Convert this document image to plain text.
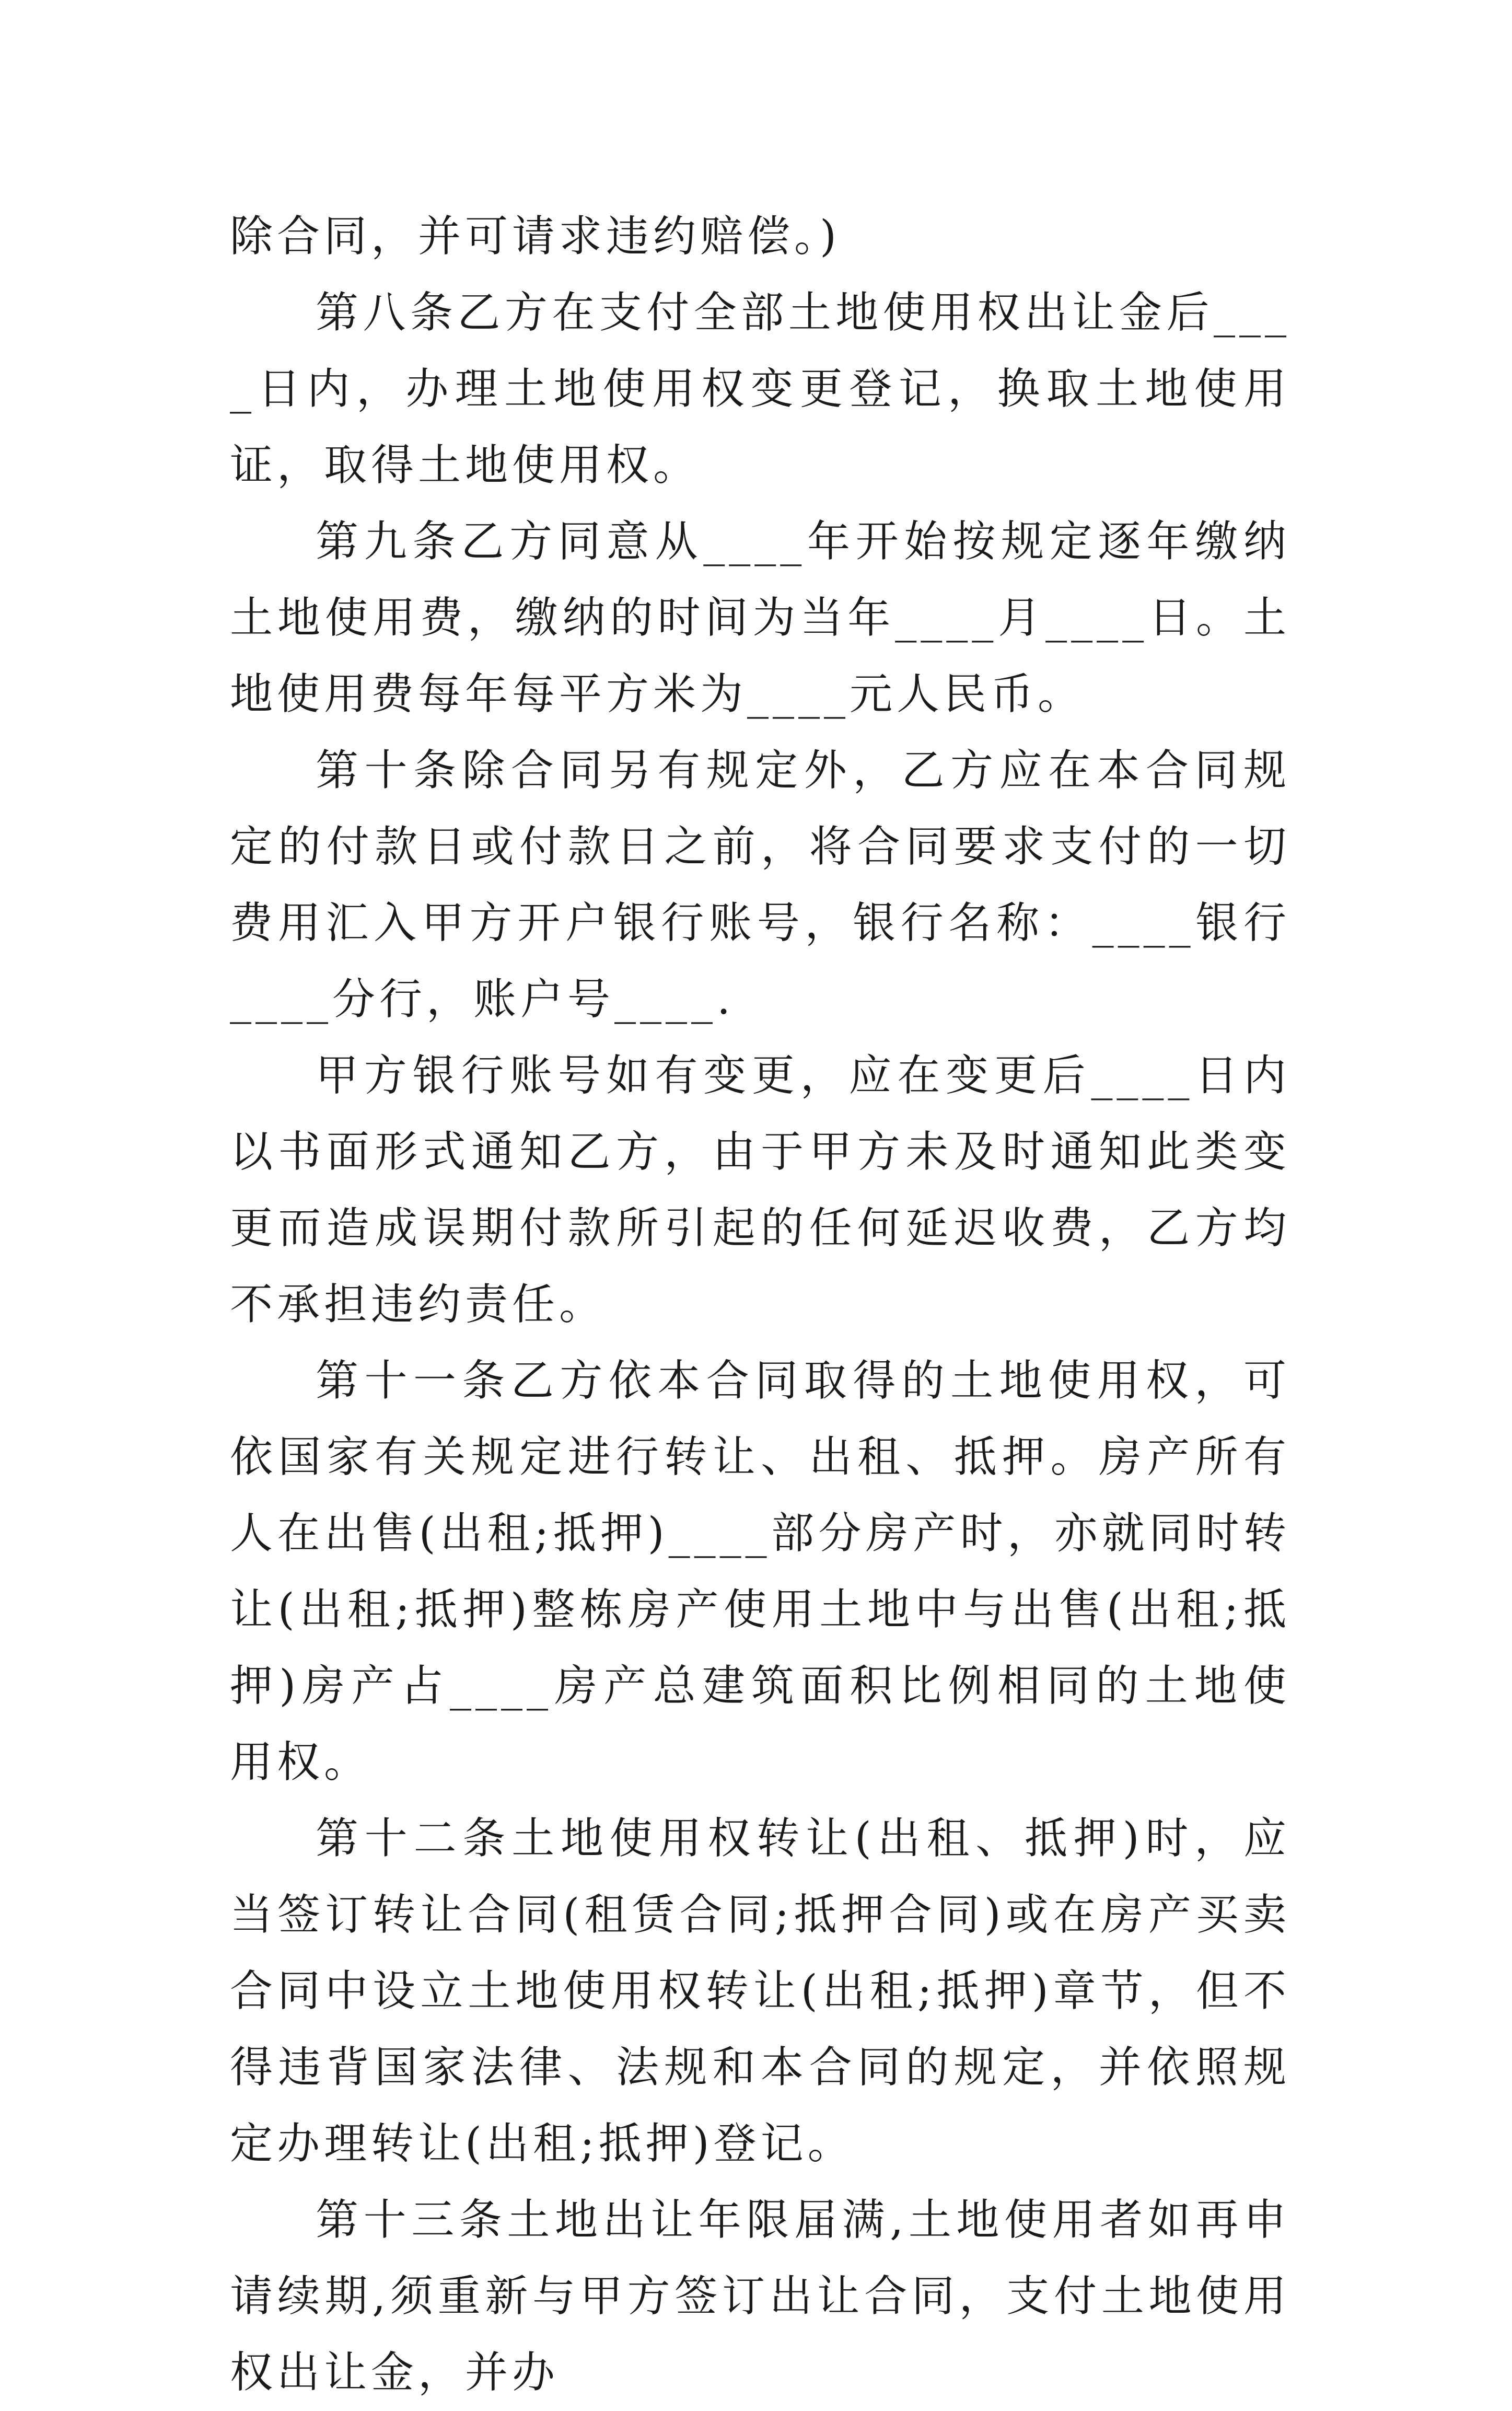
除合同，并可请求违约赔偿。)

第八条乙方在支付全部土地使用权出让金后____日内，办理土地使用权变更登记，换取土地使用证，取得土地使用权。

第九条乙方同意从____年开始按规定逐年缴纳土地使用费，缴纳的时间为当年____月____日。土地使用费每年每平方米为____元人民币。

第十条除合同另有规定外，乙方应在本合同规定的付款日或付款日之前，将合同要求支付的一切费用汇入甲方开户银行账号，银行名称：____银行____分行，账户号____.

甲方银行账号如有变更，应在变更后____日内以书面形式通知乙方，由于甲方未及时通知此类变更而造成误期付款所引起的任何延迟收费，乙方均不承担违约责任。

第十一条乙方依本合同取得的土地使用权，可依国家有关规定进行转让、出租、抵押。房产所有人在出售(出租;抵押)____部分房产时，亦就同时转让(出租;抵押)整栋房产使用土地中与出售(出租;抵押)房产占____房产总建筑面积比例相同的土地使用权。

第十二条土地使用权转让(出租、抵押)时，应当签订转让合同(租赁合同;抵押合同)或在房产买卖合同中设立土地使用权转让(出租;抵押)章节，但不得违背国家法律、法规和本合同的规定，并依照规定办理转让(出租;抵押)登记。

第十三条土地出让年限届满,土地使用者如再申请续期,须重新与甲方签订出让合同，支付土地使用权出让金，并办
